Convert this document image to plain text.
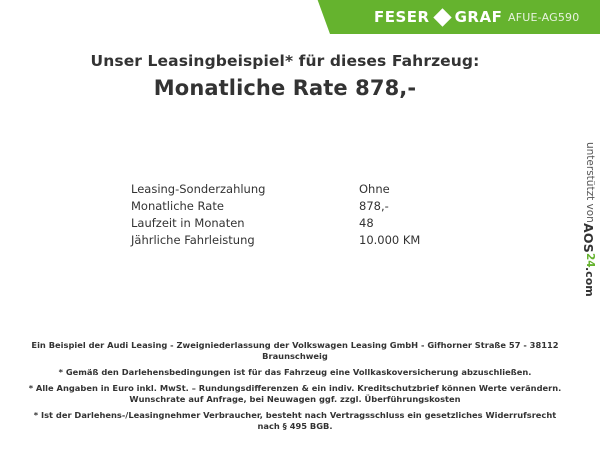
FESER GRAF AFUE-AG590
Unser Leasingbeispiel* für dieses Fahrzeug:
Monatliche Rate 878,-
Leasing-Sonderzahlung	Ohne
Monatliche Rate	878,-
Laufzeit in Monaten	48
Jährliche Fahrleistung	10.000 KM
unterstützt von
AOS
24
.com
Ein Beispiel der Audi Leasing - Zweigniederlassung der Volkswagen Leasing GmbH - Gifhorner Straße 57 - 38112 Braunschweig
* Gemäß den Darlehensbedingungen ist für das Fahrzeug eine Vollkaskoversicherung abzuschließen.
* Alle Angaben in Euro inkl. MwSt. – Rundungsdifferenzen & ein indiv. Kreditschutzbrief können Werte verändern. Wunschrate auf Anfrage, bei Neuwagen ggf. zzgl. Überführungskosten
* Ist der Darlehens-/Leasingnehmer Verbraucher, besteht nach Vertragsschluss ein gesetzliches Widerrufsrecht nach § 495 BGB.
